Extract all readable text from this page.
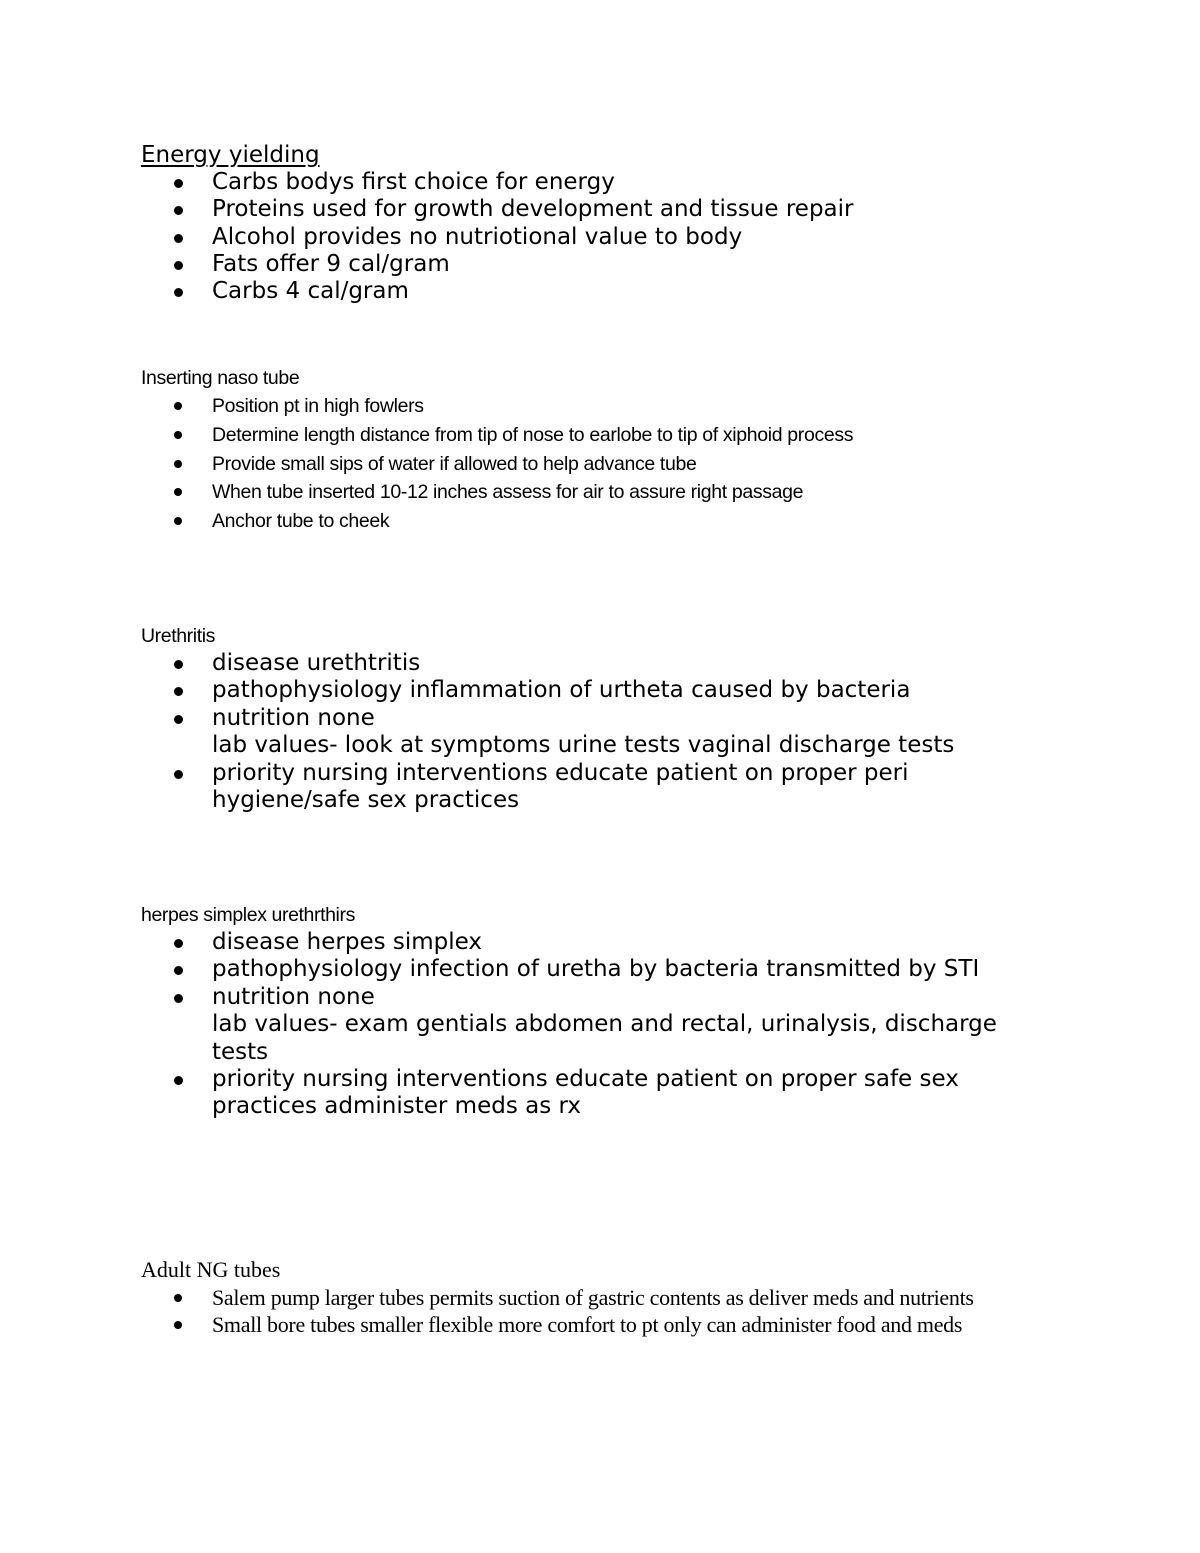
Energy yielding
Carbs bodys first choice for energy
Proteins used for growth development and tissue repair
Alcohol provides no nutriotional value to body
Fats offer 9 cal/gram
Carbs 4 cal/gram
Inserting naso tube
Position pt in high fowlers
Determine length distance from tip of nose to earlobe to tip of xiphoid process
Provide small sips of water if allowed to help advance tube
When tube inserted 10-12 inches assess for air to assure right passage
Anchor tube to cheek
Urethritis
disease urethtritis
pathophysiology inflammation of urtheta caused by bacteria
nutrition none
lab values- look at symptoms urine tests vaginal discharge tests
priority nursing interventions educate patient on proper peri
hygiene/safe sex practices
herpes simplex urethrthirs
disease herpes simplex
pathophysiology infection of uretha by bacteria transmitted by STI
nutrition none
lab values- exam gentials abdomen and rectal, urinalysis, discharge
tests
priority nursing interventions educate patient on proper safe sex
practices administer meds as rx
Adult NG tubes
Salem pump larger tubes permits suction of gastric contents as deliver meds and nutrients
Small bore tubes smaller flexible more comfort to pt only can administer food and meds
